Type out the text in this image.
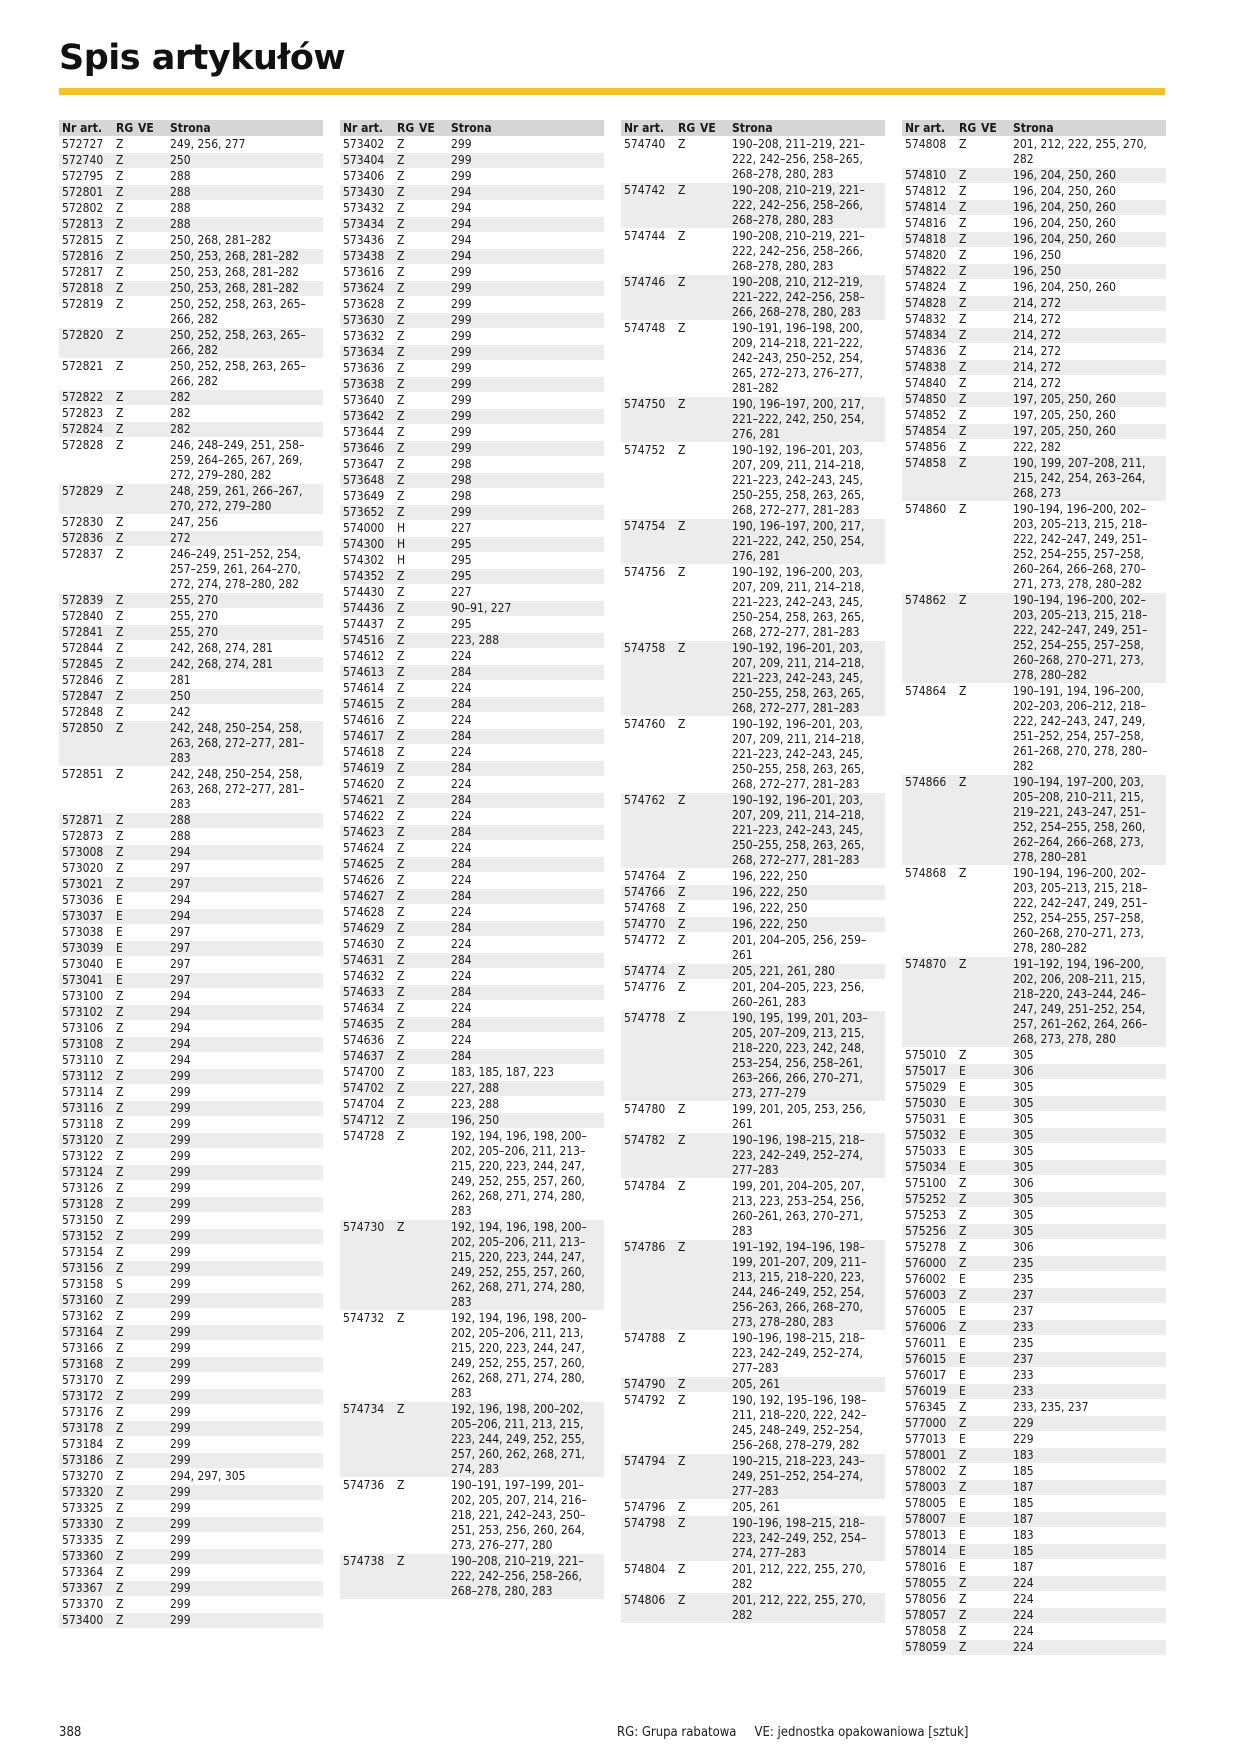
Spis artykułów
Nr art.	RG VE	Strona
572727	Z	249, 256, 277
572740	Z	250
572795	Z	288
572801	Z	288
572802	Z	288
572813	Z	288
572815	Z	250, 268, 281–282
572816	Z	250, 253, 268, 281–282
572817	Z	250, 253, 268, 281–282
572818	Z	250, 253, 268, 281–282
572819	Z	250, 252, 258, 263, 265–266, 282
572820	Z	250, 252, 258, 263, 265–266, 282
572821	Z	250, 252, 258, 263, 265–266, 282
572822	Z	282
572823	Z	282
572824	Z	282
572828	Z	246, 248–249, 251, 258–259, 264–265, 267, 269, 272, 279–280, 282
572829	Z	248, 259, 261, 266–267, 270, 272, 279–280
572830	Z	247, 256
572836	Z	272
572837	Z	246–249, 251–252, 254, 257–259, 261, 264–270, 272, 274, 278–280, 282
572839	Z	255, 270
572840	Z	255, 270
572841	Z	255, 270
572844	Z	242, 268, 274, 281
572845	Z	242, 268, 274, 281
572846	Z	281
572847	Z	250
572848	Z	242
572850	Z	242, 248, 250–254, 258, 263, 268, 272–277, 281–283
572851	Z	242, 248, 250–254, 258, 263, 268, 272–277, 281–283
572871	Z	288
572873	Z	288
573008	Z	294
573020	Z	297
573021	Z	297
573036	E	294
573037	E	294
573038	E	297
573039	E	297
573040	E	297
573041	E	297
573100	Z	294
573102	Z	294
573106	Z	294
573108	Z	294
573110	Z	294
573112	Z	299
573114	Z	299
573116	Z	299
573118	Z	299
573120	Z	299
573122	Z	299
573124	Z	299
573126	Z	299
573128	Z	299
573150	Z	299
573152	Z	299
573154	Z	299
573156	Z	299
573158	S	299
573160	Z	299
573162	Z	299
573164	Z	299
573166	Z	299
573168	Z	299
573170	Z	299
573172	Z	299
573176	Z	299
573178	Z	299
573184	Z	299
573186	Z	299
573270	Z	294, 297, 305
573320	Z	299
573325	Z	299
573330	Z	299
573335	Z	299
573360	Z	299
573364	Z	299
573367	Z	299
573370	Z	299
573400	Z	299
Nr art.	RG VE	Strona
573402	Z	299
573404	Z	299
573406	Z	299
573430	Z	294
573432	Z	294
573434	Z	294
573436	Z	294
573438	Z	294
573616	Z	299
573624	Z	299
573628	Z	299
573630	Z	299
573632	Z	299
573634	Z	299
573636	Z	299
573638	Z	299
573640	Z	299
573642	Z	299
573644	Z	299
573646	Z	299
573647	Z	298
573648	Z	298
573649	Z	298
573652	Z	299
574000	H	227
574300	H	295
574302	H	295
574352	Z	295
574430	Z	227
574436	Z	90–91, 227
574437	Z	295
574516	Z	223, 288
574612	Z	224
574613	Z	284
574614	Z	224
574615	Z	284
574616	Z	224
574617	Z	284
574618	Z	224
574619	Z	284
574620	Z	224
574621	Z	284
574622	Z	224
574623	Z	284
574624	Z	224
574625	Z	284
574626	Z	224
574627	Z	284
574628	Z	224
574629	Z	284
574630	Z	224
574631	Z	284
574632	Z	224
574633	Z	284
574634	Z	224
574635	Z	284
574636	Z	224
574637	Z	284
574700	Z	183, 185, 187, 223
574702	Z	227, 288
574704	Z	223, 288
574712	Z	196, 250
574728	Z	192, 194, 196, 198, 200–202, 205–206, 211, 213–215, 220, 223, 244, 247, 249, 252, 255, 257, 260, 262, 268, 271, 274, 280, 283
574730	Z	192, 194, 196, 198, 200–202, 205–206, 211, 213–215, 220, 223, 244, 247, 249, 252, 255, 257, 260, 262, 268, 271, 274, 280, 283
574732	Z	192, 194, 196, 198, 200–202, 205–206, 211, 213, 215, 220, 223, 244, 247, 249, 252, 255, 257, 260, 262, 268, 271, 274, 280, 283
574734	Z	192, 196, 198, 200–202, 205–206, 211, 213, 215, 223, 244, 249, 252, 255, 257, 260, 262, 268, 271, 274, 283
574736	Z	190–191, 197–199, 201–202, 205, 207, 214, 216–218, 221, 242–243, 250–251, 253, 256, 260, 264, 273, 276–277, 280
574738	Z	190–208, 210–219, 221–222, 242–256, 258–266, 268–278, 280, 283
Nr art.	RG VE	Strona
574740	Z	190–208, 211–219, 221–222, 242–256, 258–265, 268–278, 280, 283
574742	Z	190–208, 210–219, 221–222, 242–256, 258–266, 268–278, 280, 283
574744	Z	190–208, 210–219, 221–222, 242–256, 258–266, 268–278, 280, 283
574746	Z	190–208, 210, 212–219, 221–222, 242–256, 258–266, 268–278, 280, 283
574748	Z	190–191, 196–198, 200, 209, 214–218, 221–222, 242–243, 250–252, 254, 265, 272–273, 276–277, 281–282
574750	Z	190, 196–197, 200, 217, 221–222, 242, 250, 254, 276, 281
574752	Z	190–192, 196–201, 203, 207, 209, 211, 214–218, 221–223, 242–243, 245, 250–255, 258, 263, 265, 268, 272–277, 281–283
574754	Z	190, 196–197, 200, 217, 221–222, 242, 250, 254, 276, 281
574756	Z	190–192, 196–200, 203, 207, 209, 211, 214–218, 221–223, 242–243, 245, 250–254, 258, 263, 265, 268, 272–277, 281–283
574758	Z	190–192, 196–201, 203, 207, 209, 211, 214–218, 221–223, 242–243, 245, 250–255, 258, 263, 265, 268, 272–277, 281–283
574760	Z	190–192, 196–201, 203, 207, 209, 211, 214–218, 221–223, 242–243, 245, 250–255, 258, 263, 265, 268, 272–277, 281–283
574762	Z	190–192, 196–201, 203, 207, 209, 211, 214–218, 221–223, 242–243, 245, 250–255, 258, 263, 265, 268, 272–277, 281–283
574764	Z	196, 222, 250
574766	Z	196, 222, 250
574768	Z	196, 222, 250
574770	Z	196, 222, 250
574772	Z	201, 204–205, 256, 259–261
574774	Z	205, 221, 261, 280
574776	Z	201, 204–205, 223, 256, 260–261, 283
574778	Z	190, 195, 199, 201, 203–205, 207–209, 213, 215, 218–220, 223, 242, 248, 253–254, 256, 258–261, 263–266, 266, 270–271, 273, 277–279
574780	Z	199, 201, 205, 253, 256, 261
574782	Z	190–196, 198–215, 218–223, 242–249, 252–274, 277–283
574784	Z	199, 201, 204–205, 207, 213, 223, 253–254, 256, 260–261, 263, 270–271, 283
574786	Z	191–192, 194–196, 198–199, 201–207, 209, 211–213, 215, 218–220, 223, 244, 246–249, 252, 254, 256–263, 266, 268–270, 273, 278–280, 283
574788	Z	190–196, 198–215, 218–223, 242–249, 252–274, 277–283
574790	Z	205, 261
574792	Z	190, 192, 195–196, 198–211, 218–220, 222, 242–245, 248–249, 252–254, 256–268, 278–279, 282
574794	Z	190–215, 218–223, 243–249, 251–252, 254–274, 277–283
574796	Z	205, 261
574798	Z	190–196, 198–215, 218–223, 242–249, 252, 254–274, 277–283
574804	Z	201, 212, 222, 255, 270, 282
574806	Z	201, 212, 222, 255, 270, 282
Nr art.	RG VE	Strona
574808	Z	201, 212, 222, 255, 270, 282
574810	Z	196, 204, 250, 260
574812	Z	196, 204, 250, 260
574814	Z	196, 204, 250, 260
574816	Z	196, 204, 250, 260
574818	Z	196, 204, 250, 260
574820	Z	196, 250
574822	Z	196, 250
574824	Z	196, 204, 250, 260
574828	Z	214, 272
574832	Z	214, 272
574834	Z	214, 272
574836	Z	214, 272
574838	Z	214, 272
574840	Z	214, 272
574850	Z	197, 205, 250, 260
574852	Z	197, 205, 250, 260
574854	Z	197, 205, 250, 260
574856	Z	222, 282
574858	Z	190, 199, 207–208, 211, 215, 242, 254, 263–264, 268, 273
574860	Z	190–194, 196–200, 202–203, 205–213, 215, 218–222, 242–247, 249, 251–252, 254–255, 257–258, 260–264, 266–268, 270–271, 273, 278, 280–282
574862	Z	190–194, 196–200, 202–203, 205–213, 215, 218–222, 242–247, 249, 251–252, 254–255, 257–258, 260–268, 270–271, 273, 278, 280–282
574864	Z	190–191, 194, 196–200, 202–203, 206–212, 218–222, 242–243, 247, 249, 251–252, 254, 257–258, 261–268, 270, 278, 280–282
574866	Z	190–194, 197–200, 203, 205–208, 210–211, 215, 219–221, 243–247, 251–252, 254–255, 258, 260, 262–264, 266–268, 273, 278, 280–281
574868	Z	190–194, 196–200, 202–203, 205–213, 215, 218–222, 242–247, 249, 251–252, 254–255, 257–258, 260–268, 270–271, 273, 278, 280–282
574870	Z	191–192, 194, 196–200, 202, 206, 208–211, 215, 218–220, 243–244, 246–247, 249, 251–252, 254, 257, 261–262, 264, 266–268, 273, 278, 280
575010	Z	305
575017	E	306
575029	E	305
575030	E	305
575031	E	305
575032	E	305
575033	E	305
575034	E	305
575100	Z	306
575252	Z	305
575253	Z	305
575256	Z	305
575278	Z	306
576000	Z	235
576002	E	235
576003	Z	237
576005	E	237
576006	Z	233
576011	E	235
576015	E	237
576017	E	233
576019	E	233
576345	Z	233, 235, 237
577000	Z	229
577013	E	229
578001	Z	183
578002	Z	185
578003	Z	187
578005	E	185
578007	E	187
578013	E	183
578014	E	185
578016	E	187
578055	Z	224
578056	Z	224
578057	Z	224
578058	Z	224
578059	Z	224
388	RG: Grupa rabatowa VE: jednostka opakowaniowa [sztuk]
